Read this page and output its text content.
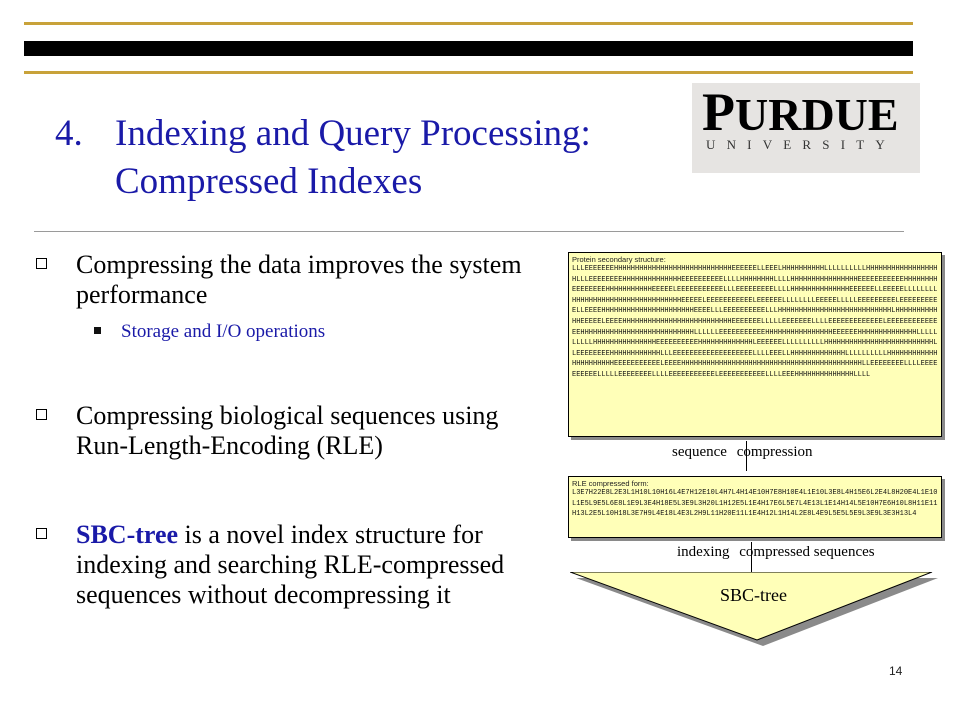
PURDUE
UNIVERSITY
4. Indexing and Query Processing:
Compressed Indexes
Compressing the data improves the system performance
Storage and I/O operations
Compressing biological sequences using Run-Length-Encoding (RLE)
SBC-tree is a novel index structure for indexing and searching RLE-compressed sequences without decompressing it
Protein secondary structure:
LLLEEEEEEEHHHHHHHHHHHHHHHHHHHHHHHHHHHHEEEEEELLEEELHHHHHHHHHHLLLLLLLLLLHHHHHHHHHHHHHHHHHHLLLEEEEEEEEHHHHHHHHHHHHHHEEEEEEEEEELLLLHHHHHHHHLLLLHHHHHHHHHHHHHHHHEEEEEEEEEEEHHHHHHHHEEEEEEEEHHHHHHHHHHHEEEEELEEEEEEEEEEELLLEEEEEEEEELLLLHHHHHHHHHHHHHHEEEEEELLEEEEELLLLLLLLHHHHHHHHHHHHHHHHHHHHHHHHHHEEEEELEEEEEEEEEEELEEEEEELLLLLLLLEEEEELLLLLEEEEEEEEELEEEEEEEEEELLEEEEHHHHHHHHHHHHHHHHHHHHHHEEEELLLEEEEEEEEEELLLHHHHHHHHHHHHHHHHHHHHHHHHHHHLHHHHHHHHHHHHEEEEELEEEEHHHHHHHHHHHHHHHHHHHHHHHHHHEEEEEEELLLLLEEEEEEELLLLEEEEEEEEEEEEELEEEEEEEEEEEEEEHHHHHHHHHHHHHHHHHHHHHHHHHHHLLLLLLEEEEEEEEEEEHHHHHHHHHHHHHHHHEEEEEEHHHHHHHHHHHHHHLLLLLLLLLLHHHHHHHHHHHHHHHEEEEEEEEEEHHHHHHHHHHHHHLEEEEEELLLLLLLLLLHHHHHHHHHHHHHHHHHHHHHHHHHHLLEEEEEEEEHHHHHHHHHHHHLLLEEEEEEEEEEEEEEEEEEELLLLEEELLHHHHHHHHHHHHHLLLLLLLLLLHHHHHHHHHHHHHHHHHHHHHHEEEEEEEEEEELEEEEHHHHHHHHHHHHHHHHHHHHHHHHHHHHHHHHHHHHHHHHHHHLLEEEEEEEELLLLEEEEEEEEEELLLLLEEEEEEEELLLLEEEEEEEEEEELEEEEEEEEEEELLLLEEEHHHHHHHHHHHHHHLLLL
sequence compression
RLE compressed form:
L3E7H22E8L2E3L1H10L10H16L4E7H12E10L4H7L4H14E10H7E8H10E4L1E10L3E8L4H15E6L2E4L8H20E4L1E10L1E5L9E5L6E8L1E9L3E4H18E5L3E9L3H20L1H12E5L1E4H17E6L5E7L4E13L1E14H14L5E10H7E6H10L8H11E11H13L2E5L10H18L3E7H9L4E18L4E3L2H9L11H20E11L1E4H12L1H14L2E8L4E9L5E5L5E9L3E9L3E3H13L4
indexing compressed sequences
SBC-tree
14
